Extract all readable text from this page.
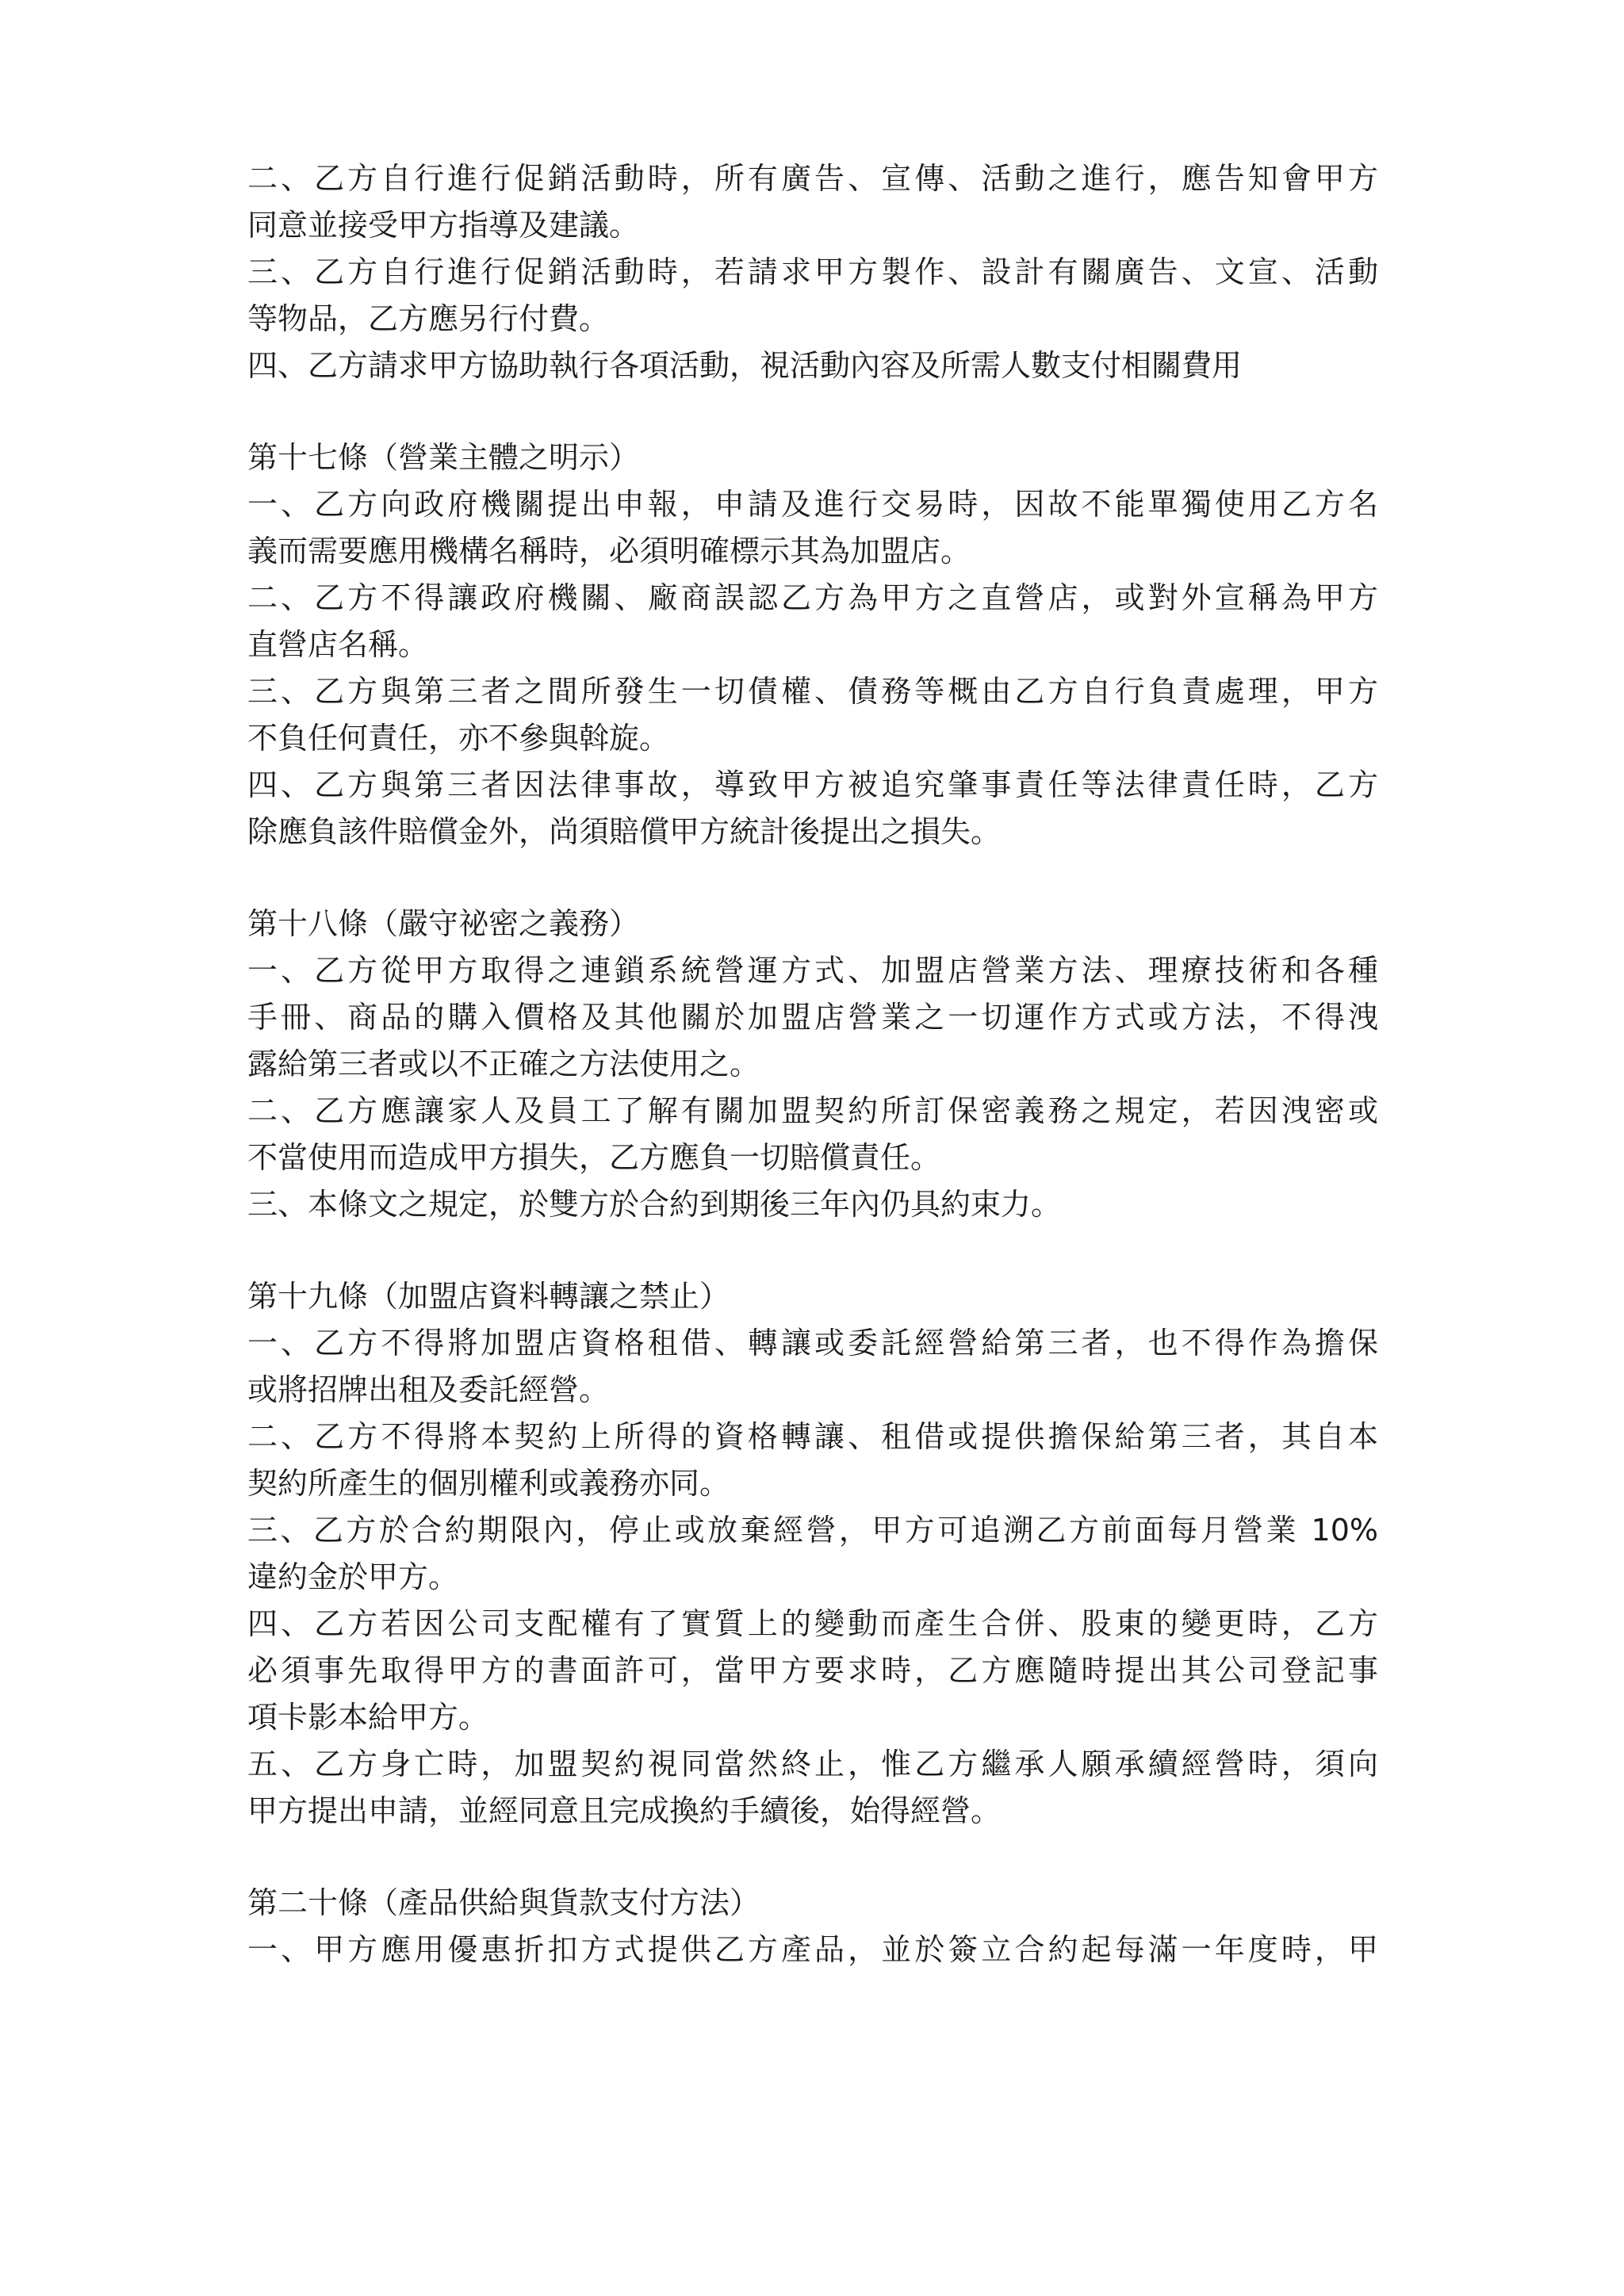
二、乙方自行進行促銷活動時，所有廣告、宣傳、活動之進行，應告知會甲方
同意並接受甲方指導及建議。
三、乙方自行進行促銷活動時，若請求甲方製作、設計有關廣告、文宣、活動
等物品，乙方應另行付費。
四、乙方請求甲方協助執行各項活動，視活動內容及所需人數支付相關費用
第十七條（營業主體之明示）
一、乙方向政府機關提出申報，申請及進行交易時，因故不能單獨使用乙方名
義而需要應用機構名稱時，必須明確標示其為加盟店。
二、乙方不得讓政府機關、廠商誤認乙方為甲方之直營店，或對外宣稱為甲方
直營店名稱。
三、乙方與第三者之間所發生一切債權、債務等概由乙方自行負責處理，甲方
不負任何責任，亦不參與斡旋。
四、乙方與第三者因法律事故，導致甲方被追究肇事責任等法律責任時，乙方
除應負該件賠償金外，尚須賠償甲方統計後提出之損失。
第十八條（嚴守祕密之義務）
一、乙方從甲方取得之連鎖系統營運方式、加盟店營業方法、理療技術和各種
手冊、商品的購入價格及其他關於加盟店營業之一切運作方式或方法，不得洩
露給第三者或以不正確之方法使用之。
二、乙方應讓家人及員工了解有關加盟契約所訂保密義務之規定，若因洩密或
不當使用而造成甲方損失，乙方應負一切賠償責任。
三、本條文之規定，於雙方於合約到期後三年內仍具約束力。
第十九條（加盟店資料轉讓之禁止）
一、乙方不得將加盟店資格租借、轉讓或委託經營給第三者，也不得作為擔保
或將招牌出租及委託經營。
二、乙方不得將本契約上所得的資格轉讓、租借或提供擔保給第三者，其自本
契約所產生的個別權利或義務亦同。
三、乙方於合約期限內，停止或放棄經營，甲方可追溯乙方前面每月營業 10%
違約金於甲方。
四、乙方若因公司支配權有了實質上的變動而產生合併、股東的變更時，乙方
必須事先取得甲方的書面許可，當甲方要求時，乙方應隨時提出其公司登記事
項卡影本給甲方。
五、乙方身亡時，加盟契約視同當然終止，惟乙方繼承人願承續經營時，須向
甲方提出申請，並經同意且完成換約手續後，始得經營。
第二十條（產品供給與貨款支付方法）
一、甲方應用優惠折扣方式提供乙方產品，並於簽立合約起每滿一年度時，甲
